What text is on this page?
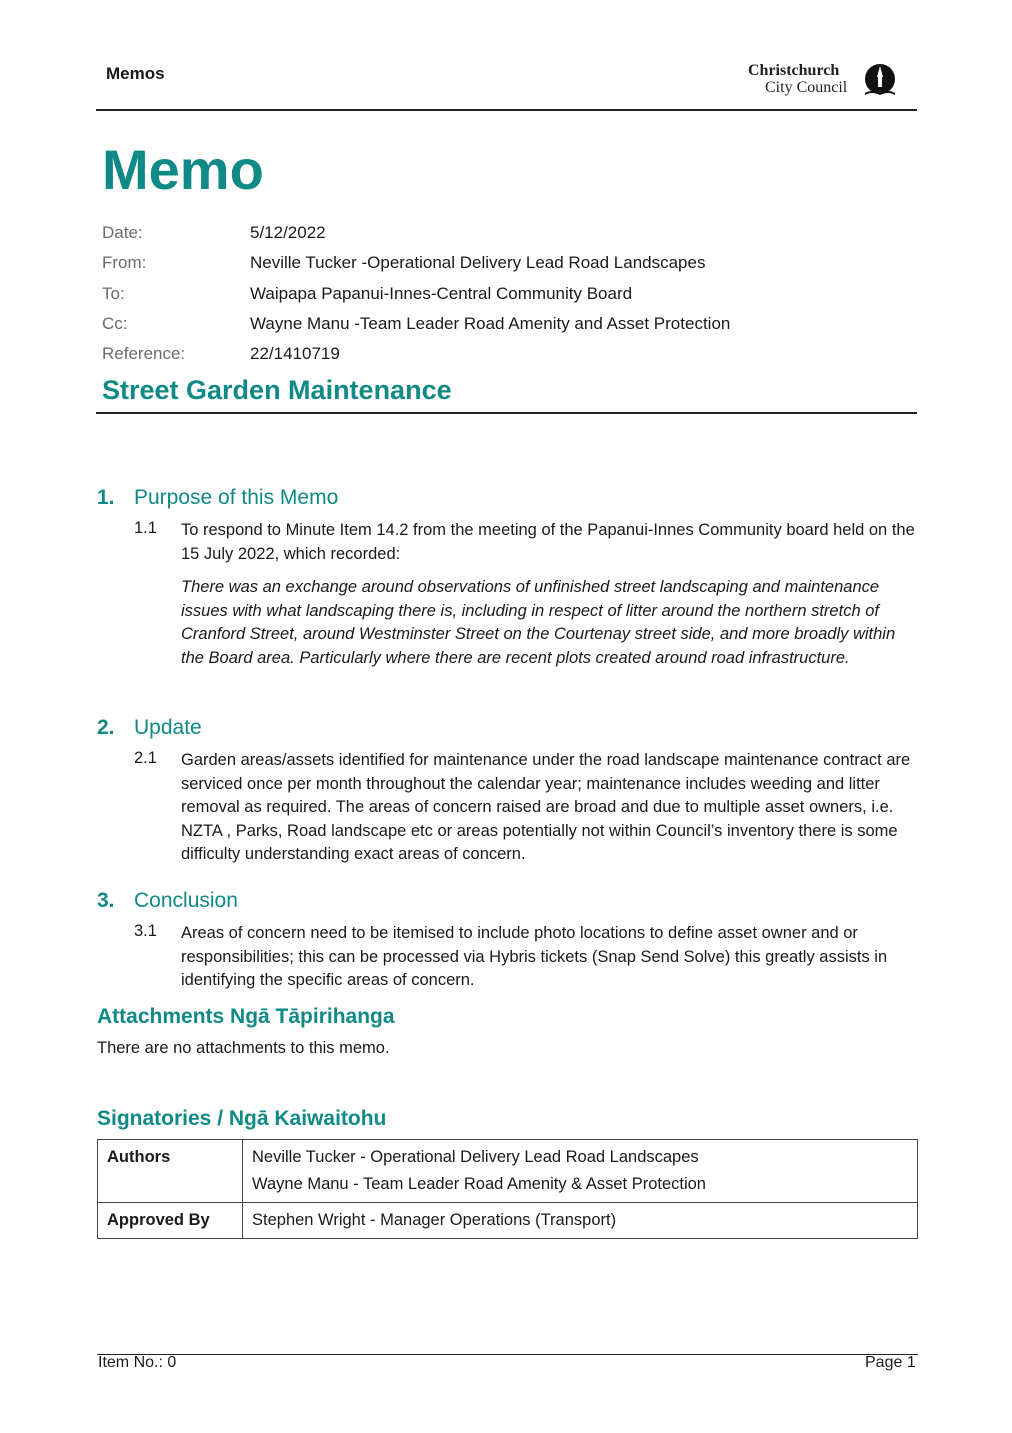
Memos	Christchurch
City Council
Memo
Date:	5/12/2022
From:	Neville Tucker -Operational Delivery Lead Road Landscapes
To:	Waipapa Papanui-Innes-Central Community Board
Cc:	Wayne Manu -Team Leader Road Amenity and Asset Protection
Reference:	22/1410719
Street Garden Maintenance
1. Purpose of this Memo
1.1 To respond to Minute Item 14.2 from the meeting of the Papanui-Innes Community board held on the 15 July 2022, which recorded:
There was an exchange around observations of unfinished street landscaping and maintenance issues with what landscaping there is, including in respect of litter around the northern stretch of Cranford Street, around Westminster Street on the Courtenay street side, and more broadly within the Board area. Particularly where there are recent plots created around road infrastructure.
2. Update
2.1 Garden areas/assets identified for maintenance under the road landscape maintenance contract are serviced once per month throughout the calendar year; maintenance includes weeding and litter removal as required. The areas of concern raised are broad and due to multiple asset owners, i.e. NZTA , Parks, Road landscape etc or areas potentially not within Council’s inventory there is some difficulty understanding exact areas of concern.
3. Conclusion
3.1 Areas of concern need to be itemised to include photo locations to define asset owner and or responsibilities; this can be processed via Hybris tickets (Snap Send Solve) this greatly assists in identifying the specific areas of concern.
Attachments Ngā Tāpirihanga
There are no attachments to this memo.
Signatories / Ngā Kaiwaitohu
Authors	Neville Tucker - Operational Delivery Lead Road Landscapes
Wayne Manu - Team Leader Road Amenity & Asset Protection

Approved By	Stephen Wright - Manager Operations (Transport)
Item No.: 0	Page 1
